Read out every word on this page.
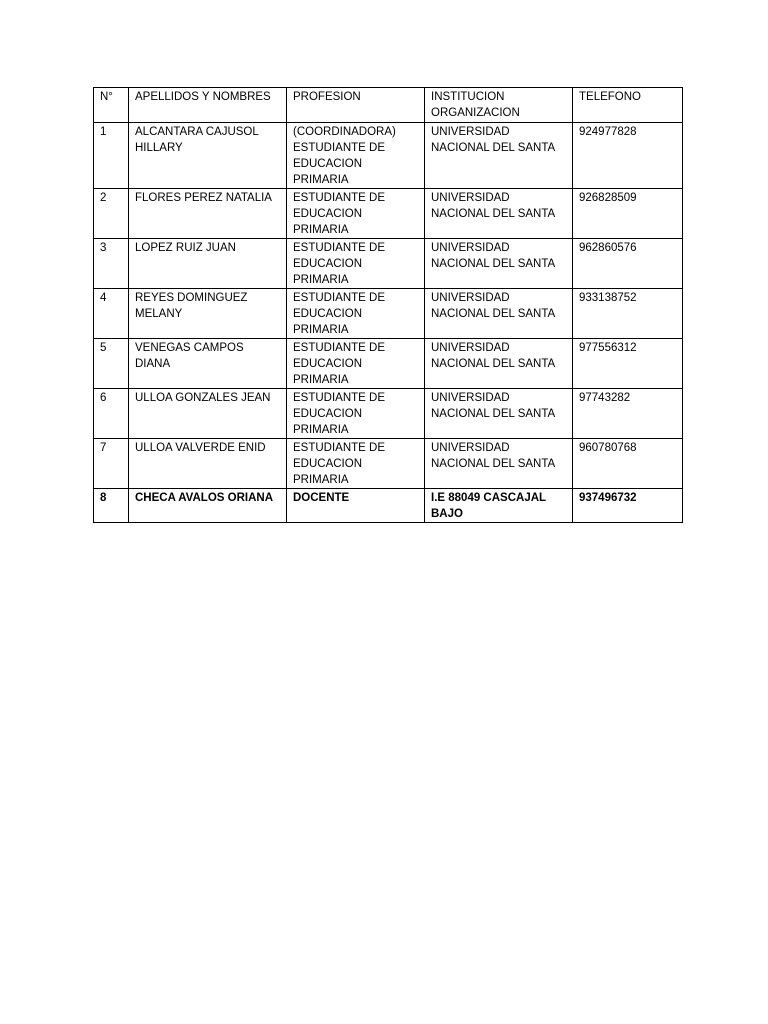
N°	APELLIDOS Y NOMBRES	PROFESION	INSTITUCION ORGANIZACION	TELEFONO
1	ALCANTARA CAJUSOL HILLARY	(COORDINADORA) ESTUDIANTE DE EDUCACION PRIMARIA	UNIVERSIDAD NACIONAL DEL SANTA	924977828
2	FLORES PEREZ NATALIA	ESTUDIANTE DE EDUCACION PRIMARIA	UNIVERSIDAD NACIONAL DEL SANTA	926828509
3	LOPEZ RUIZ JUAN	ESTUDIANTE DE EDUCACION PRIMARIA	UNIVERSIDAD NACIONAL DEL SANTA	962860576
4	REYES DOMINGUEZ MELANY	ESTUDIANTE DE EDUCACION PRIMARIA	UNIVERSIDAD NACIONAL DEL SANTA	933138752
5	VENEGAS CAMPOS DIANA	ESTUDIANTE DE EDUCACION PRIMARIA	UNIVERSIDAD NACIONAL DEL SANTA	977556312
6	ULLOA GONZALES JEAN	ESTUDIANTE DE EDUCACION PRIMARIA	UNIVERSIDAD NACIONAL DEL SANTA	97743282
7	ULLOA VALVERDE ENID	ESTUDIANTE DE EDUCACION PRIMARIA	UNIVERSIDAD NACIONAL DEL SANTA	960780768
8	CHECA AVALOS ORIANA	DOCENTE	I.E 88049 CASCAJAL BAJO	937496732
